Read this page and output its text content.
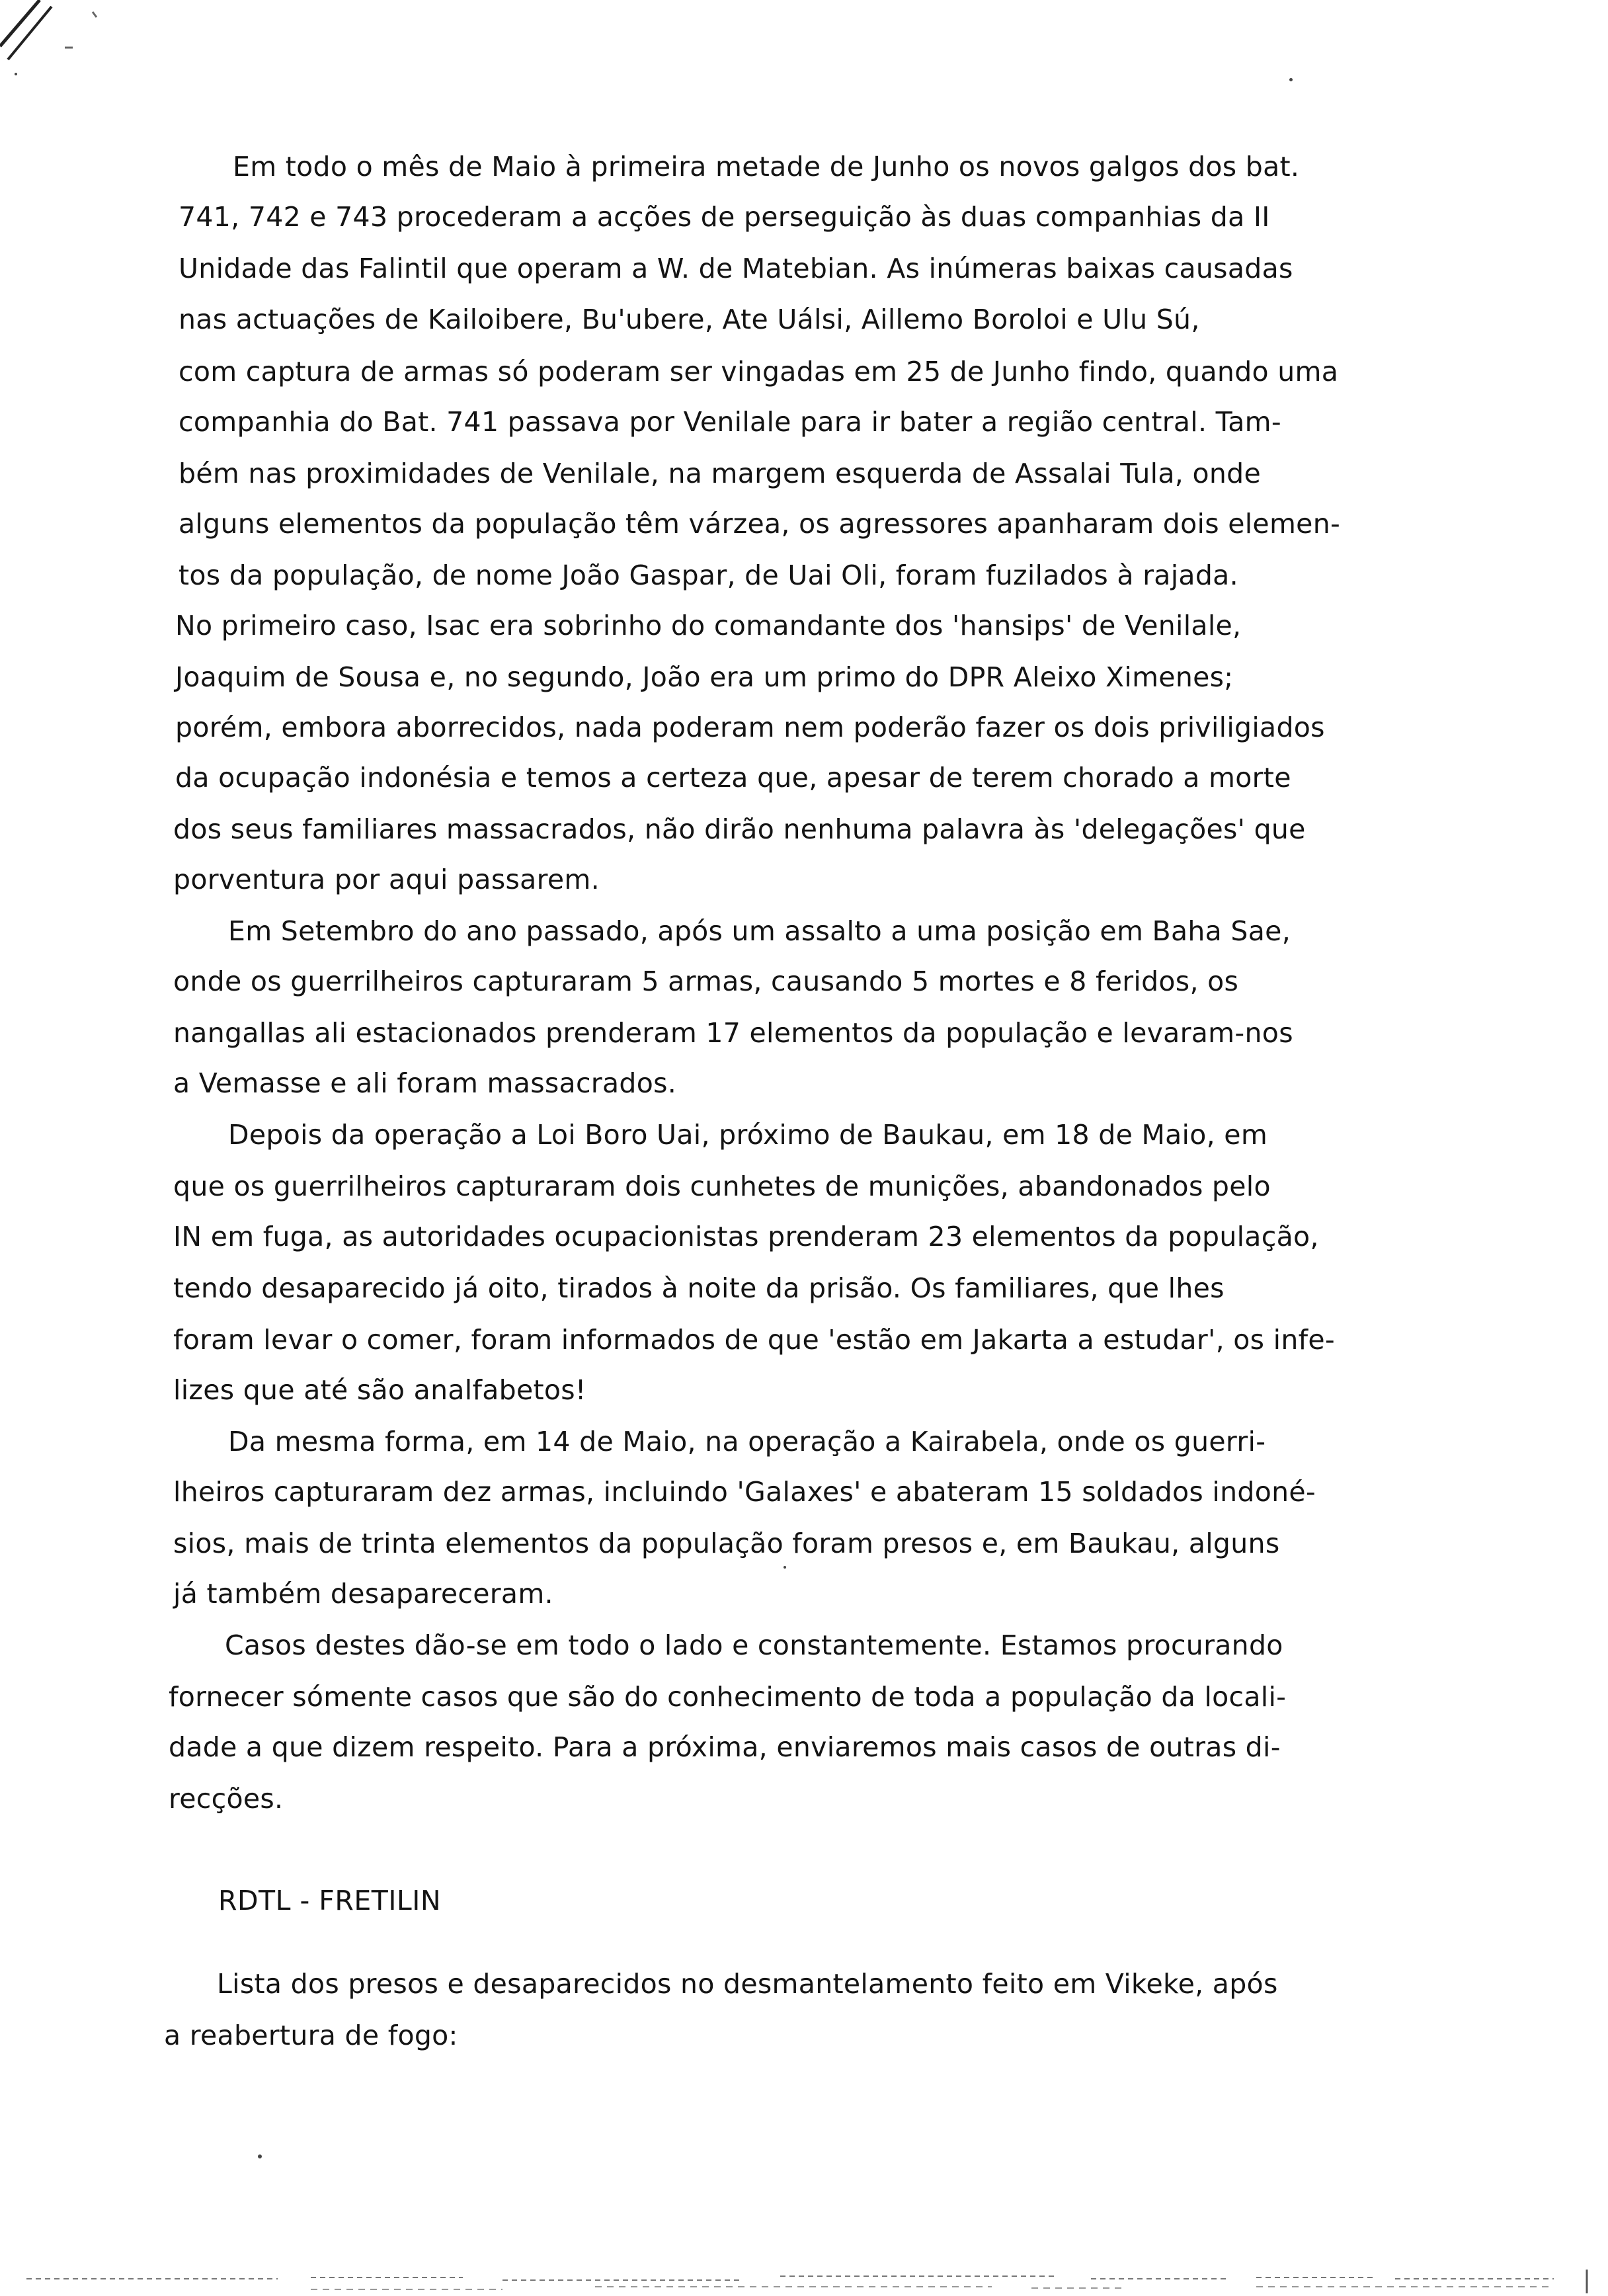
Em todo o mês de Maio à primeira metade de Junho os novos galgos dos bat.
741, 742 e 743 procederam a acções de perseguição às duas companhias da II
Unidade das Falintil que operam a W. de Matebian. As inúmeras baixas causadas
nas actuações de Kailoibere, Bu'ubere, Ate Uálsi, Aillemo Boroloi e Ulu Sú,
com captura de armas só poderam ser vingadas em 25 de Junho findo, quando uma
companhia do Bat. 741 passava por Venilale para ir bater a região central. Tam-
bém nas proximidades de Venilale, na margem esquerda de Assalai Tula, onde
alguns elementos da população têm várzea, os agressores apanharam dois elemen-
tos da população, de nome João Gaspar, de Uai Oli, foram fuzilados à rajada.
No primeiro caso, Isac era sobrinho do comandante dos 'hansips' de Venilale,
Joaquim de Sousa e, no segundo, João era um primo do DPR Aleixo Ximenes;
porém, embora aborrecidos, nada poderam nem poderão fazer os dois priviligiados
da ocupação indonésia e temos a certeza que, apesar de terem chorado a morte
dos seus familiares massacrados, não dirão nenhuma palavra às 'delegações' que
porventura por aqui passarem.
Em Setembro do ano passado, após um assalto a uma posição em Baha Sae,
onde os guerrilheiros capturaram 5 armas, causando 5 mortes e 8 feridos, os
nangallas ali estacionados prenderam 17 elementos da população e levaram-nos
a Vemasse e ali foram massacrados.
Depois da operação a Loi Boro Uai, próximo de Baukau, em 18 de Maio, em
que os guerrilheiros capturaram dois cunhetes de munições, abandonados pelo
IN em fuga, as autoridades ocupacionistas prenderam 23 elementos da população,
tendo desaparecido já oito, tirados à noite da prisão. Os familiares, que lhes
foram levar o comer, foram informados de que 'estão em Jakarta a estudar', os infe-
lizes que até são analfabetos!
Da mesma forma, em 14 de Maio, na operação a Kairabela, onde os guerri-
lheiros capturaram dez armas, incluindo 'Galaxes' e abateram 15 soldados indoné-
sios, mais de trinta elementos da população foram presos e, em Baukau, alguns
já também desapareceram.
Casos destes dão-se em todo o lado e constantemente. Estamos procurando
fornecer sómente casos que são do conhecimento de toda a população da locali-
dade a que dizem respeito. Para a próxima, enviaremos mais casos de outras di-
recções.
RDTL - FRETILIN
Lista dos presos e desaparecidos no desmantelamento feito em Vikeke, após
a reabertura de fogo:
